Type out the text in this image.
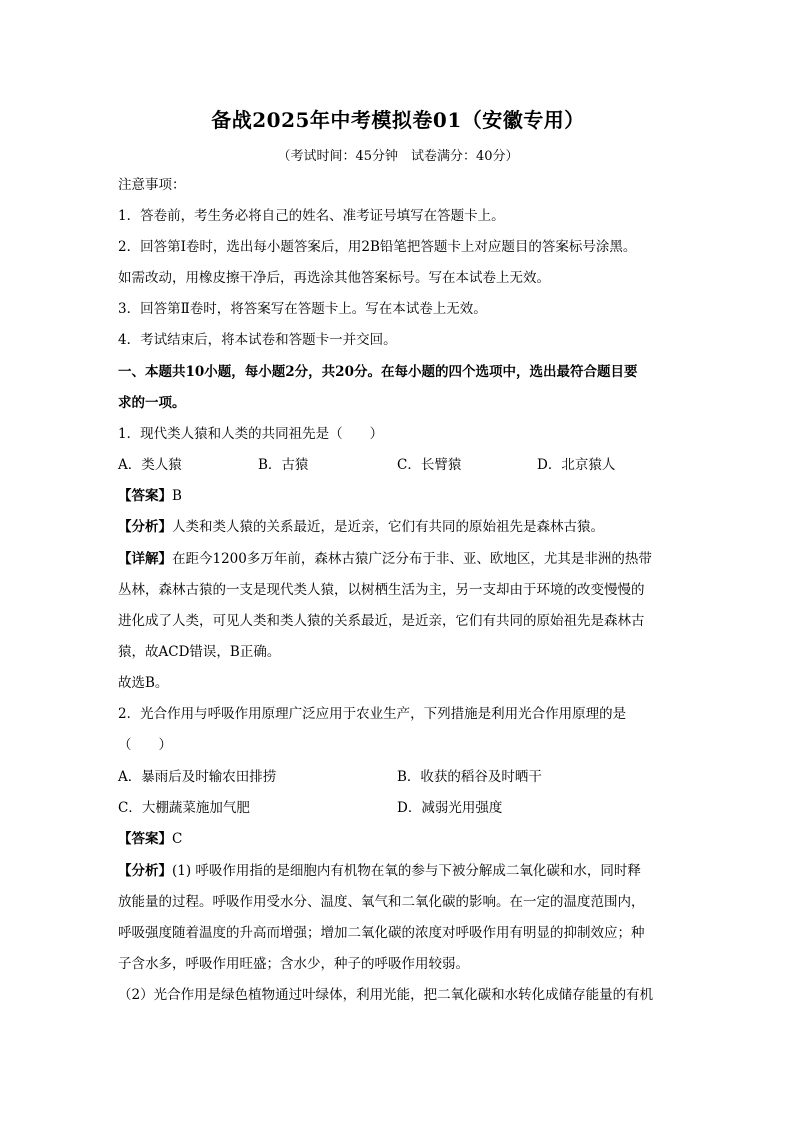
备战2025年中考模拟卷01（安徽专用）
（考试时间：45分钟　试卷满分：40分）
注意事项：
1．答卷前，考生务必将自己的姓名、准考证号填写在答题卡上。
2．回答第Ⅰ卷时，选出每小题答案后，用2B铅笔把答题卡上对应题目的答案标号涂黑。
如需改动，用橡皮擦干净后，再选涂其他答案标号。写在本试卷上无效。
3．回答第Ⅱ卷时，将答案写在答题卡上。写在本试卷上无效。
4．考试结束后，将本试卷和答题卡一并交回。
一、本题共10小题，每小题2分，共20分。在每小题的四个选项中，选出最符合题目要
求的一项。
1．现代类人猿和人类的共同祖先是（　　）
A．类人猿	B．古猿	C．长臂猿	D．北京猿人
【答案】B
【分析】人类和类人猿的关系最近，是近亲，它们有共同的原始祖先是森林古猿。
【详解】在距今1200多万年前，森林古猿广泛分布于非、亚、欧地区，尤其是非洲的热带
丛林，森林古猿的一支是现代类人猿，以树栖生活为主，另一支却由于环境的改变慢慢的
进化成了人类，可见人类和类人猿的关系最近，是近亲，它们有共同的原始祖先是森林古
猿，故ACD错误，B正确。
故选B。
2．光合作用与呼吸作用原理广泛应用于农业生产，下列措施是利用光合作用原理的是
（　　）
A．暴雨后及时输农田排捞	B．收获的稻谷及时晒干
C．大棚蔬菜施加气肥	D．减弱光用强度
【答案】C
【分析】(1) 呼吸作用指的是细胞内有机物在氧的参与下被分解成二氧化碳和水，同时释
放能量的过程。呼吸作用受水分、温度、氧气和二氧化碳的影响。在一定的温度范围内，
呼吸强度随着温度的升高而增强；增加二氧化碳的浓度对呼吸作用有明显的抑制效应；种
子含水多，呼吸作用旺盛；含水少，种子的呼吸作用较弱。
（2）光合作用是绿色植物通过叶绿体，利用光能，把二氧化碳和水转化成储存能量的有机
